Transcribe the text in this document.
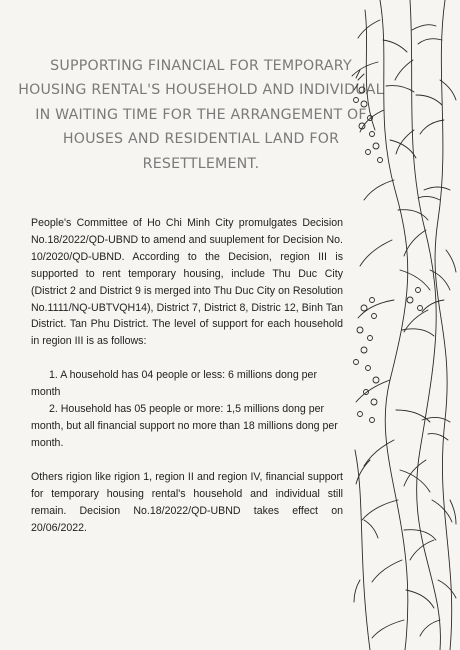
SUPPORTING FINANCIAL FOR TEMPORARY HOUSING RENTAL'S HOUSEHOLD AND INDIVIDUAL IN WAITING TIME FOR THE ARRANGEMENT OF HOUSES AND RESIDENTIAL LAND FOR RESETTLEMENT.

People's Committee of Ho Chi Minh City promulgates Decision No.18/2022/QD-UBND to amend and suuplement for Decision No. 10/2020/QD-UBND. According to the Decision, region III is supported to rent temporary housing, include Thu Duc City (District 2 and District 9 is merged into Thu Duc City on Resolution No.1111/NQ-UBTVQH14), District 7, District 8, Distric 12, Binh Tan District. Tan Phu District. The level of support for each household in region III is as follows:

1. A household has 04 people or less: 6 millions dong per month

2. Household has 05 people or more: 1,5 millions dong per month, but all financial support no more than 18 millions dong per month.

Others rigion like rigion 1, region II and region IV, financial support for temporary housing rental's household and individual still remain. Decision No.18/2022/QD-UBND takes effect on 20/06/2022.
